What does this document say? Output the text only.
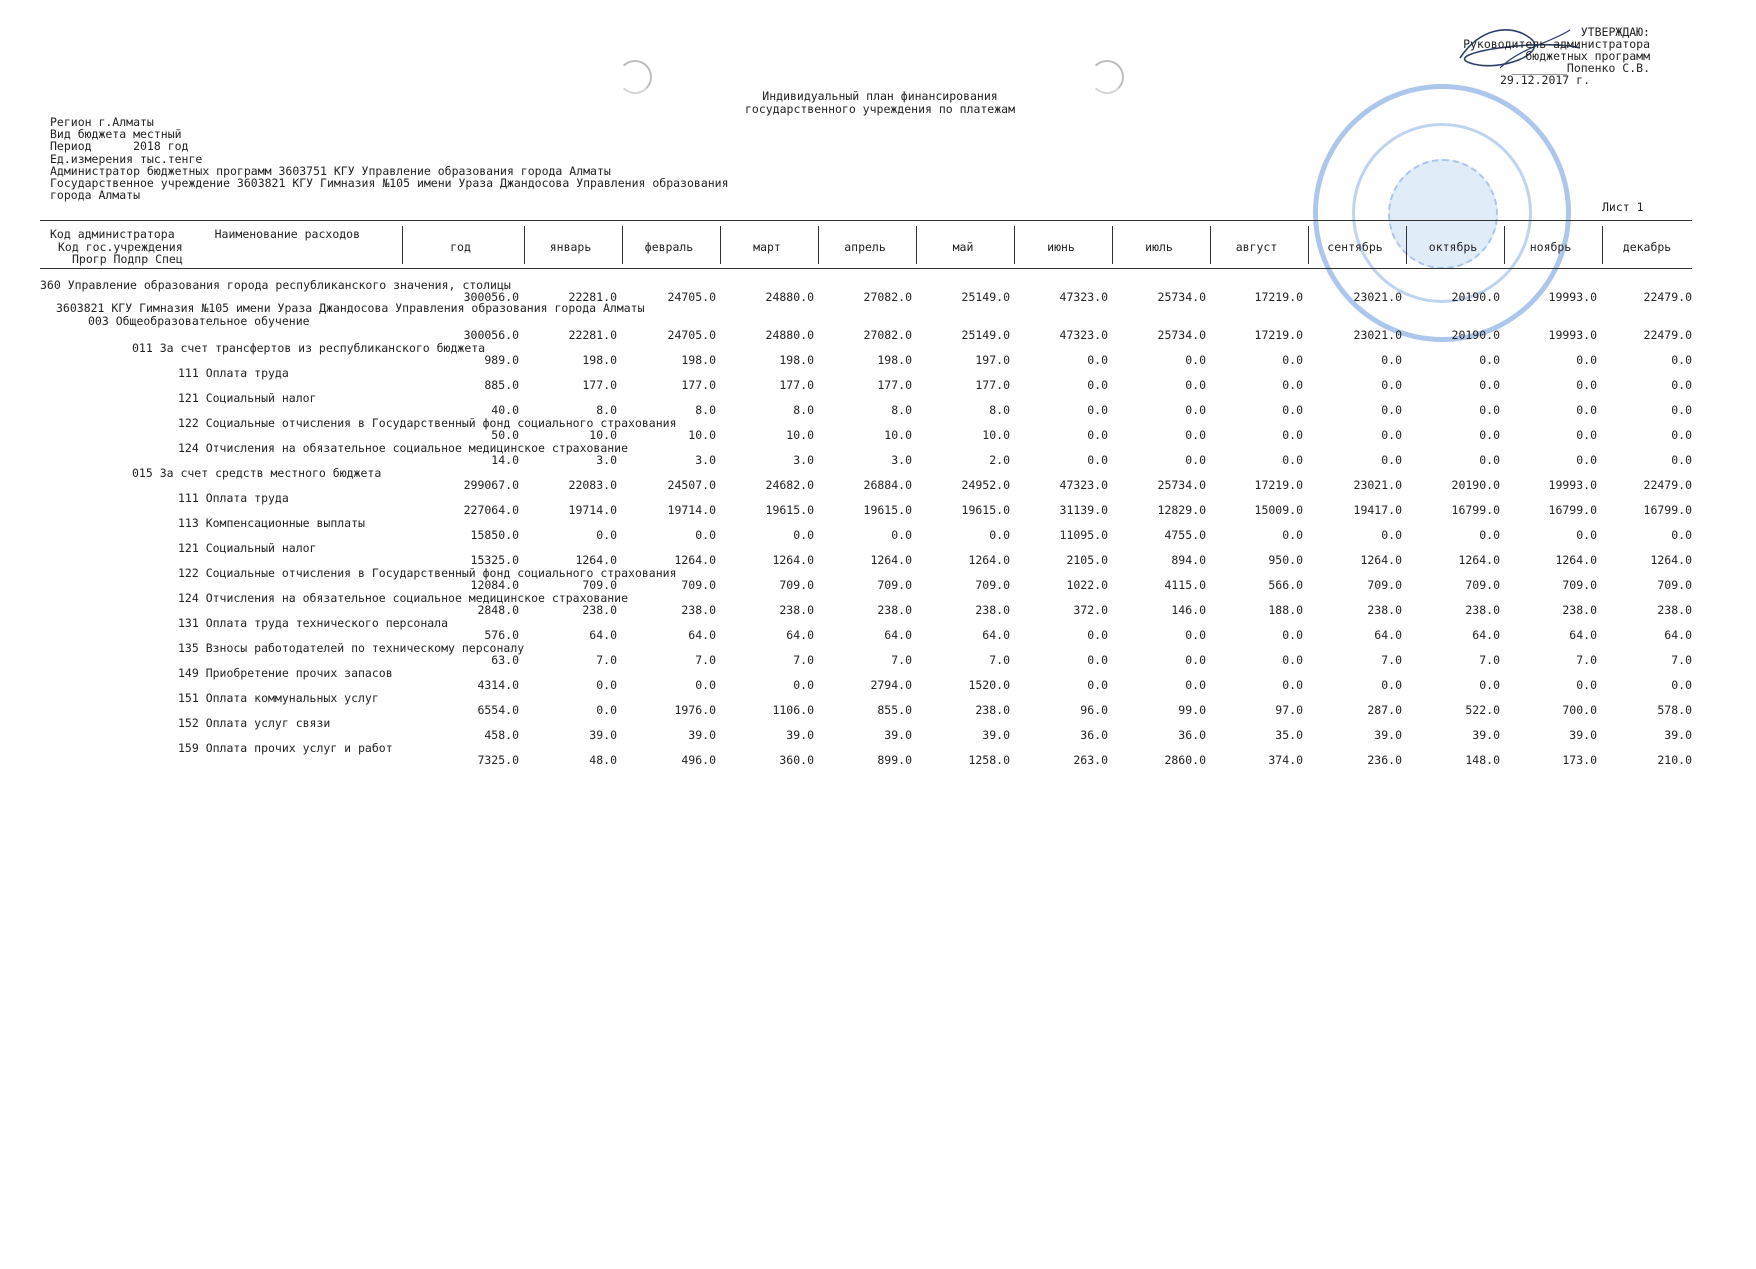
УТВЕРЖДАЮ:
Руководитель администратора
бюджетных программ
________Попенко С.В.
29.12.2017 г.
Индивидуальный план финансирования
государственного учреждения по платежам
Регион г.Алматы
Вид бюджета местный
Период      2018 год
Ед.измерения тыс.тенге
Администратор бюджетных программ 3603751 КГУ Управление образования города Алматы
Государственное учреждение 3603821 КГУ Гимназия №105 имени Ураза Джандосова Управления образования
города Алматы
Лист 1
Код администратора	Наименование расходов
Код гос.учреждения
Прогр Подпр Спец
год	январь	февраль	март	апрель	май	июнь	июль	август	сентябрь	октябрь	ноябрь	декабрь
360 Управление образования города республиканского значения, столицы
300056.0	22281.0	24705.0	24880.0	27082.0	25149.0	47323.0	25734.0	17219.0	23021.0	20190.0	19993.0	22479.0
3603821 КГУ Гимназия №105 имени Ураза Джандосова Управления образования города Алматы
003 Общеобразовательное обучение
300056.0	22281.0	24705.0	24880.0	27082.0	25149.0	47323.0	25734.0	17219.0	23021.0	20190.0	19993.0	22479.0
011 За счет трансфертов из республиканского бюджета
989.0	198.0	198.0	198.0	198.0	197.0	0.0	0.0	0.0	0.0	0.0	0.0	0.0
111 Оплата труда
885.0	177.0	177.0	177.0	177.0	177.0	0.0	0.0	0.0	0.0	0.0	0.0	0.0
121 Социальный налог
40.0	8.0	8.0	8.0	8.0	8.0	0.0	0.0	0.0	0.0	0.0	0.0	0.0
122 Социальные отчисления в Государственный фонд социального страхования
50.0	10.0	10.0	10.0	10.0	10.0	0.0	0.0	0.0	0.0	0.0	0.0	0.0
124 Отчисления на обязательное социальное медицинское страхование
14.0	3.0	3.0	3.0	3.0	2.0	0.0	0.0	0.0	0.0	0.0	0.0	0.0
015 За счет средств местного бюджета
299067.0	22083.0	24507.0	24682.0	26884.0	24952.0	47323.0	25734.0	17219.0	23021.0	20190.0	19993.0	22479.0
111 Оплата труда
227064.0	19714.0	19714.0	19615.0	19615.0	19615.0	31139.0	12829.0	15009.0	19417.0	16799.0	16799.0	16799.0
113 Компенсационные выплаты
15850.0	0.0	0.0	0.0	0.0	0.0	11095.0	4755.0	0.0	0.0	0.0	0.0	0.0
121 Социальный налог
15325.0	1264.0	1264.0	1264.0	1264.0	1264.0	2105.0	894.0	950.0	1264.0	1264.0	1264.0	1264.0
122 Социальные отчисления в Государственный фонд социального страхования
12084.0	709.0	709.0	709.0	709.0	709.0	1022.0	4115.0	566.0	709.0	709.0	709.0	709.0
124 Отчисления на обязательное социальное медицинское страхование
2848.0	238.0	238.0	238.0	238.0	238.0	372.0	146.0	188.0	238.0	238.0	238.0	238.0
131 Оплата труда технического персонала
576.0	64.0	64.0	64.0	64.0	64.0	0.0	0.0	0.0	64.0	64.0	64.0	64.0
135 Взносы работодателей по техническому персоналу
63.0	7.0	7.0	7.0	7.0	7.0	0.0	0.0	0.0	7.0	7.0	7.0	7.0
149 Приобретение прочих запасов
4314.0	0.0	0.0	0.0	2794.0	1520.0	0.0	0.0	0.0	0.0	0.0	0.0	0.0
151 Оплата коммунальных услуг
6554.0	0.0	1976.0	1106.0	855.0	238.0	96.0	99.0	97.0	287.0	522.0	700.0	578.0
152 Оплата услуг связи
458.0	39.0	39.0	39.0	39.0	39.0	36.0	36.0	35.0	39.0	39.0	39.0	39.0
159 Оплата прочих услуг и работ
7325.0	48.0	496.0	360.0	899.0	1258.0	263.0	2860.0	374.0	236.0	148.0	173.0	210.0
